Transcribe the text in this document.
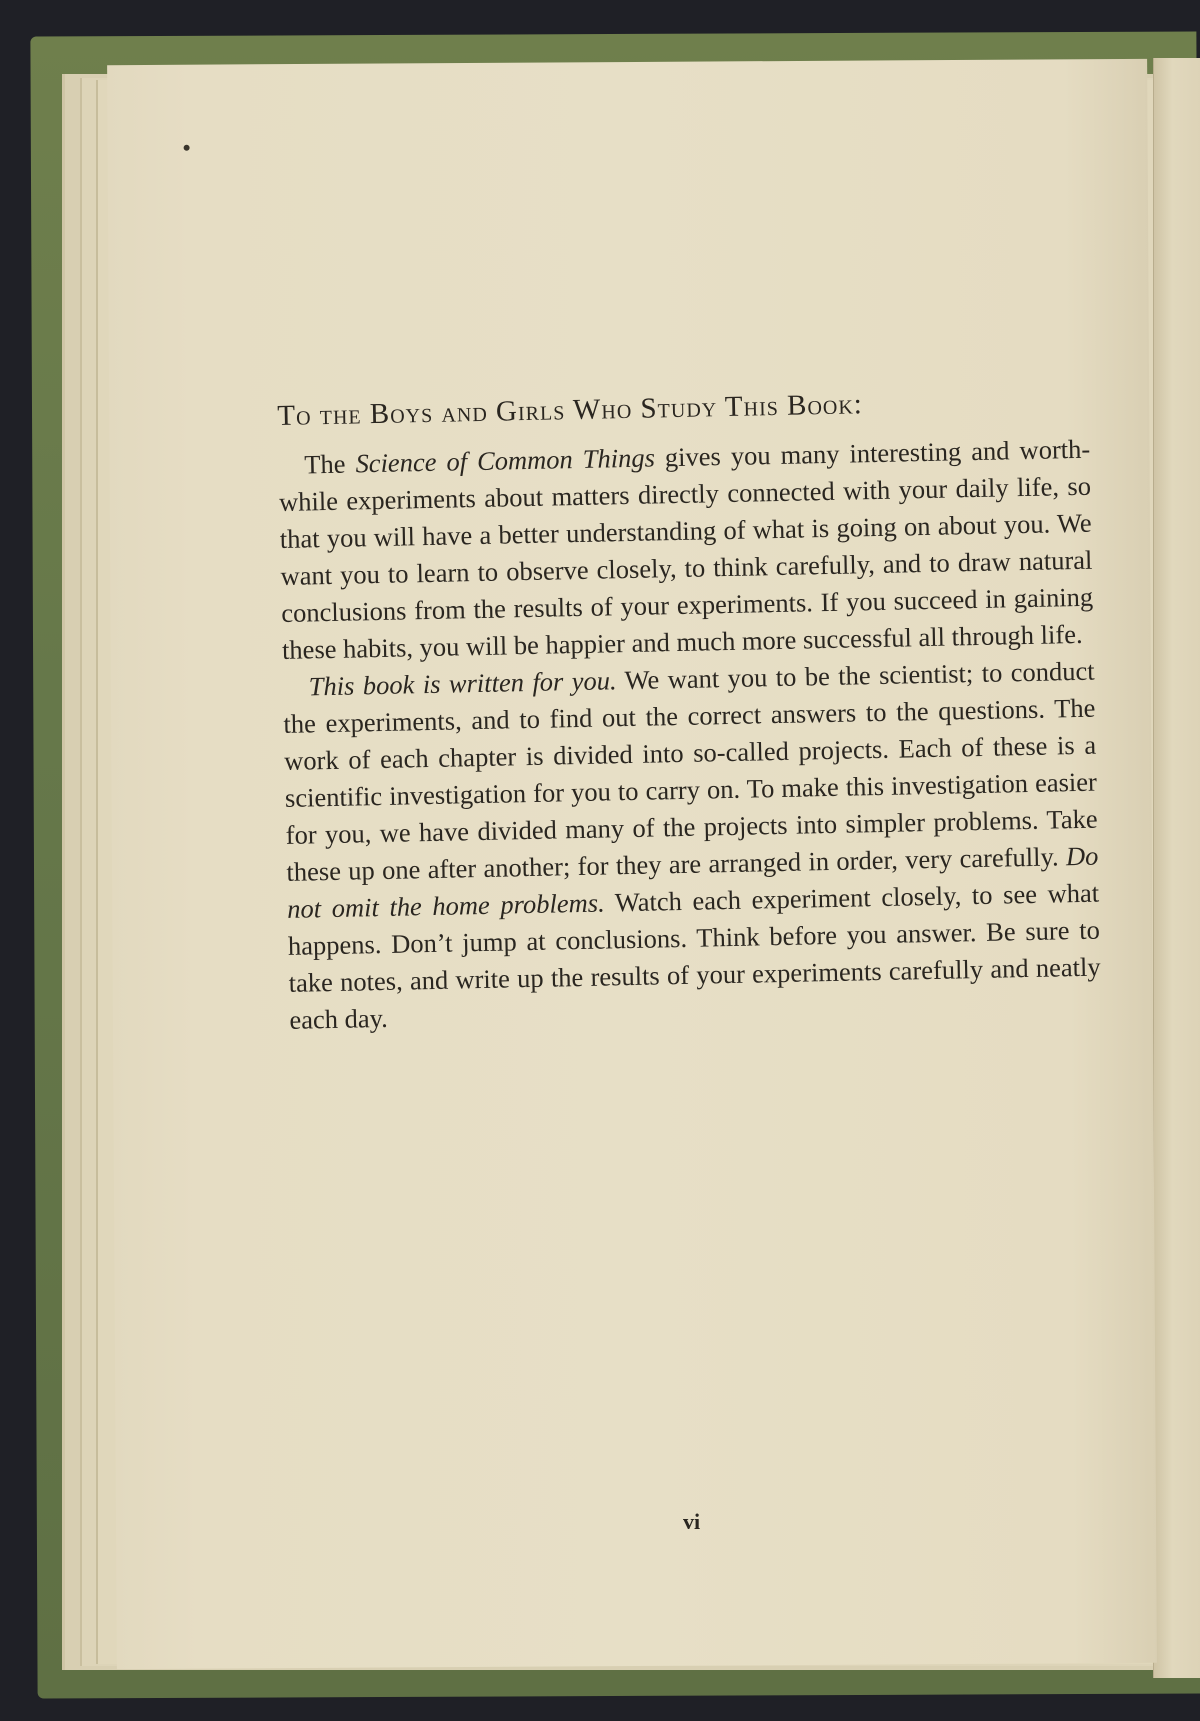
To the Boys and Girls Who Study This Book:

The Science of Common Things gives you many interesting and worth-while experiments about matters directly connected with your daily life, so that you will have a better understanding of what is going on about you. We want you to learn to observe closely, to think carefully, and to draw natural conclusions from the results of your experiments. If you succeed in gaining these habits, you will be happier and much more successful all through life.

This book is written for you. We want you to be the scientist; to conduct the experiments, and to find out the correct answers to the questions. The work of each chapter is divided into so-called projects. Each of these is a scientific investigation for you to carry on. To make this investigation easier for you, we have divided many of the projects into simpler problems. Take these up one after another; for they are arranged in order, very carefully. Do not omit the home problems. Watch each experiment closely, to see what happens. Don’t jump at conclusions. Think before you answer. Be sure to take notes, and write up the results of your experiments carefully and neatly each day.

vi
